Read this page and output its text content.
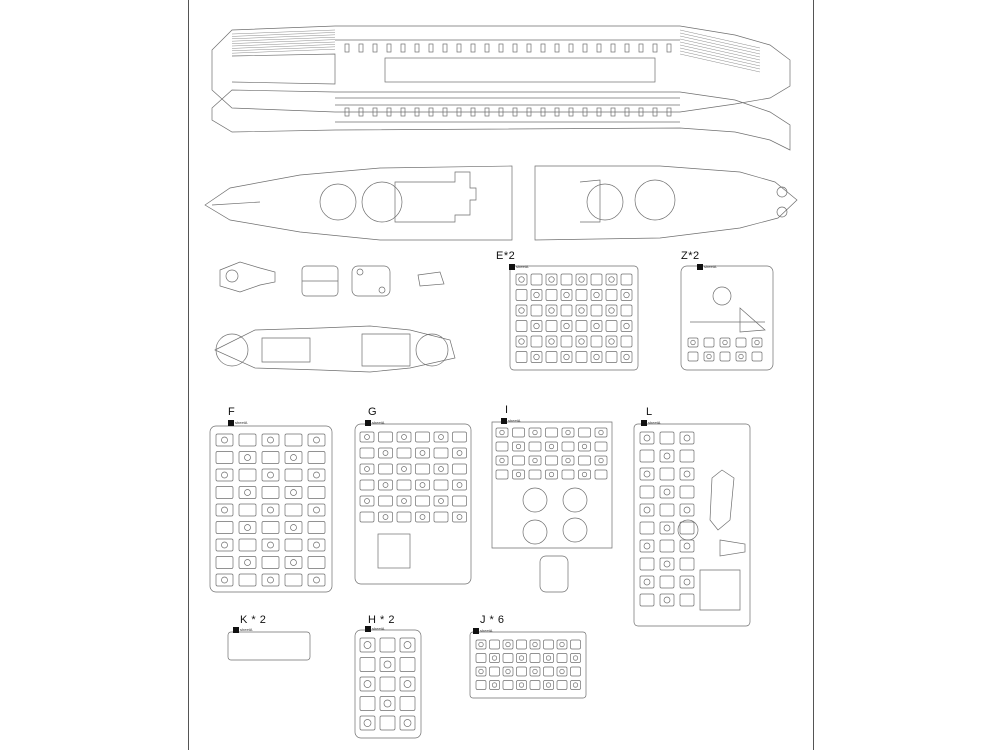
E*2	Z*2
F	G	I	L
K * 2	H * 2	J * 6
sheetA	sheetA
sheetA	sheetA	sheetA	sheetA
sheetA	sheetA	sheetA
